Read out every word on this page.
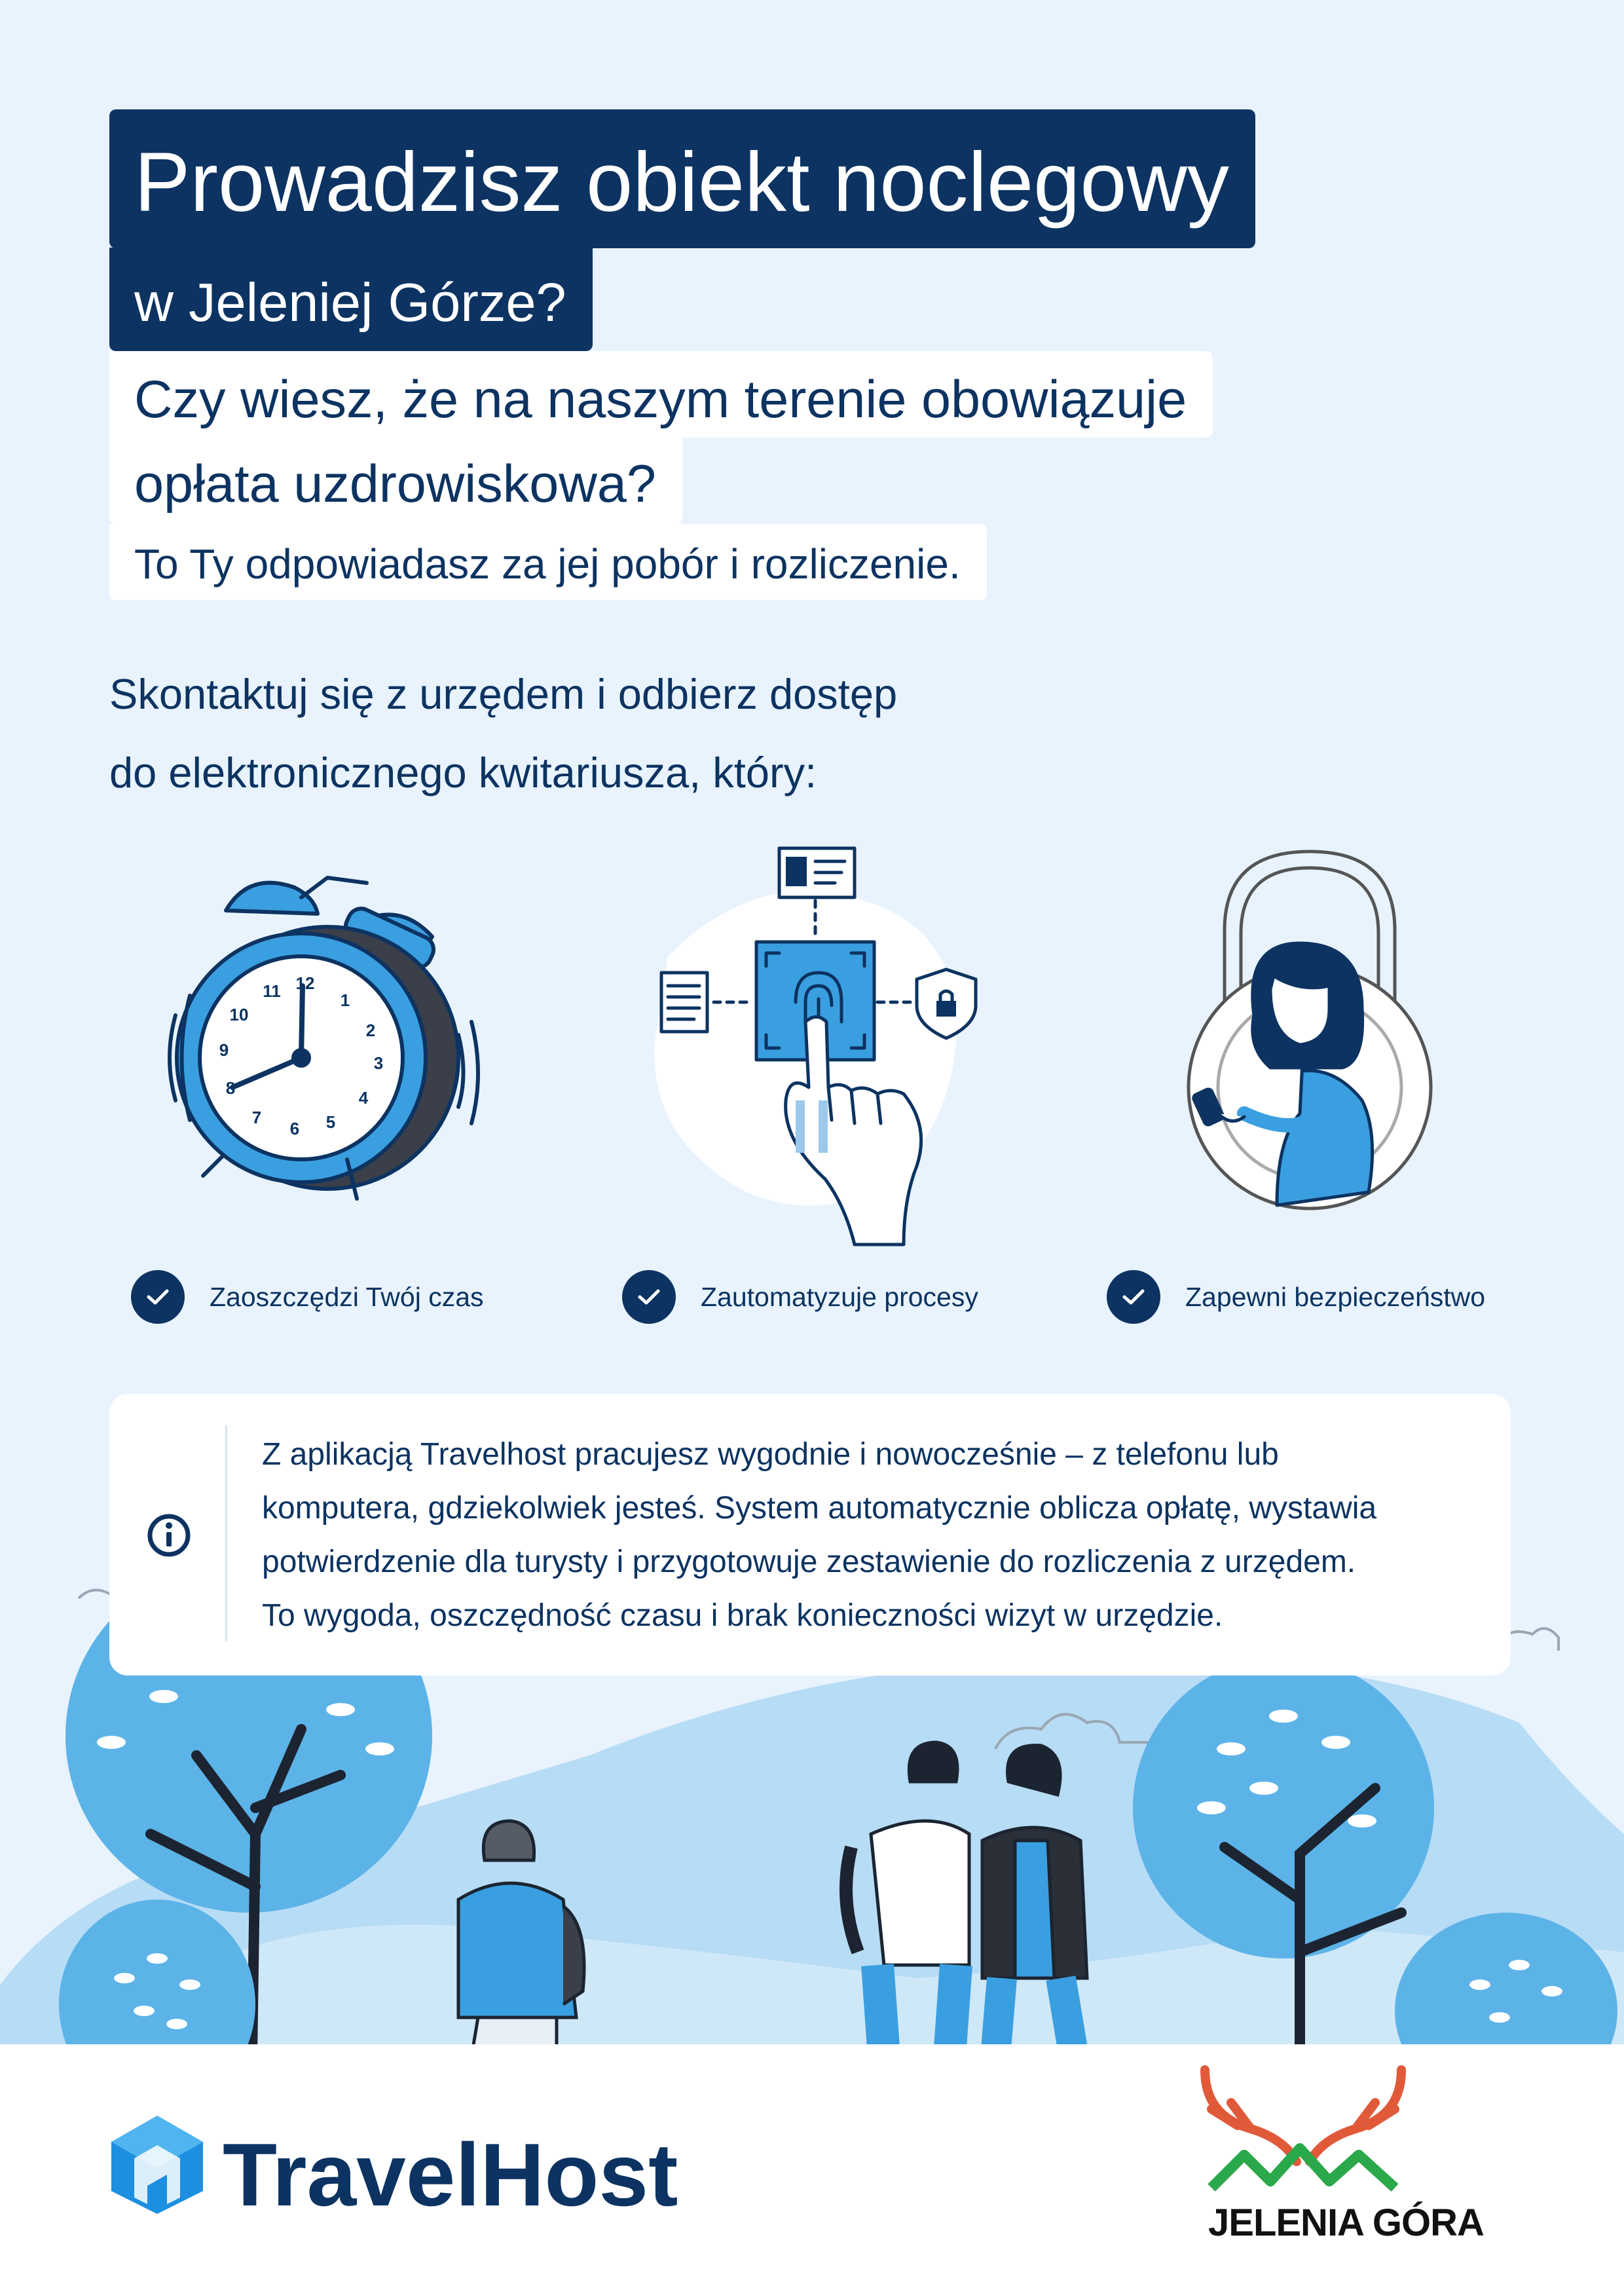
Prowadzisz obiekt noclegowy
w Jeleniej Górze?
Czy wiesz, że na naszym terenie obowiązuje
opłata uzdrowiskowa?
To Ty odpowiadasz za jej pobór i rozliczenie.
Skontaktuj się z urzędem i odbierz dostęp
do elektronicznego kwitariusza, który:
12
1
2
3
4
5
6
7
8
9
10
11
Zaoszczędzi Twój czas	Zautomatyzuje procesy	Zapewni bezpieczeństwo
Z aplikacją Travelhost pracujesz wygodnie i nowocześnie – z telefonu lub
komputera, gdziekolwiek jesteś. System automatycznie oblicza opłatę, wystawia
potwierdzenie dla turysty i przygotowuje zestawienie do rozliczenia z urzędem.
To wygoda, oszczędność czasu i brak konieczności wizyt w urzędzie.
TravelHost	JELENIA GÓRA
